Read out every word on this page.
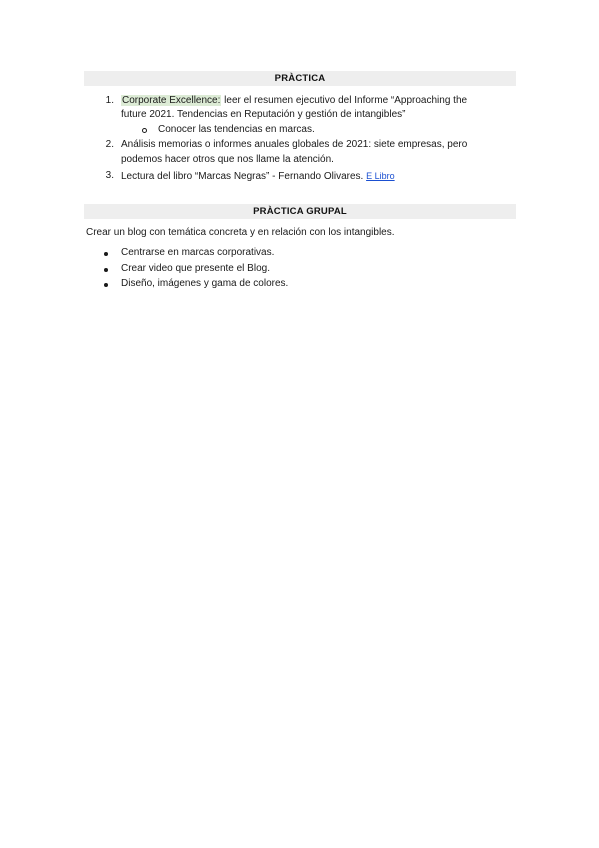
PRÀCTICA
1. Corporate Excellence: leer el resumen ejecutivo del Informe “Approaching the
future 2021. Tendencias en Reputación y gestión de intangibles”
Conocer las tendencias en marcas.
2. Análisis memorias o informes anuales globales de 2021: siete empresas, pero
podemos hacer otros que nos llame la atención.
3. Lectura del libro “Marcas Negras” - Fernando Olivares. E Libro
PRÀCTICA GRUPAL
Crear un blog con temática concreta y en relación con los intangibles.
Centrarse en marcas corporativas.
Crear video que presente el Blog.
Diseño, imágenes y gama de colores.
